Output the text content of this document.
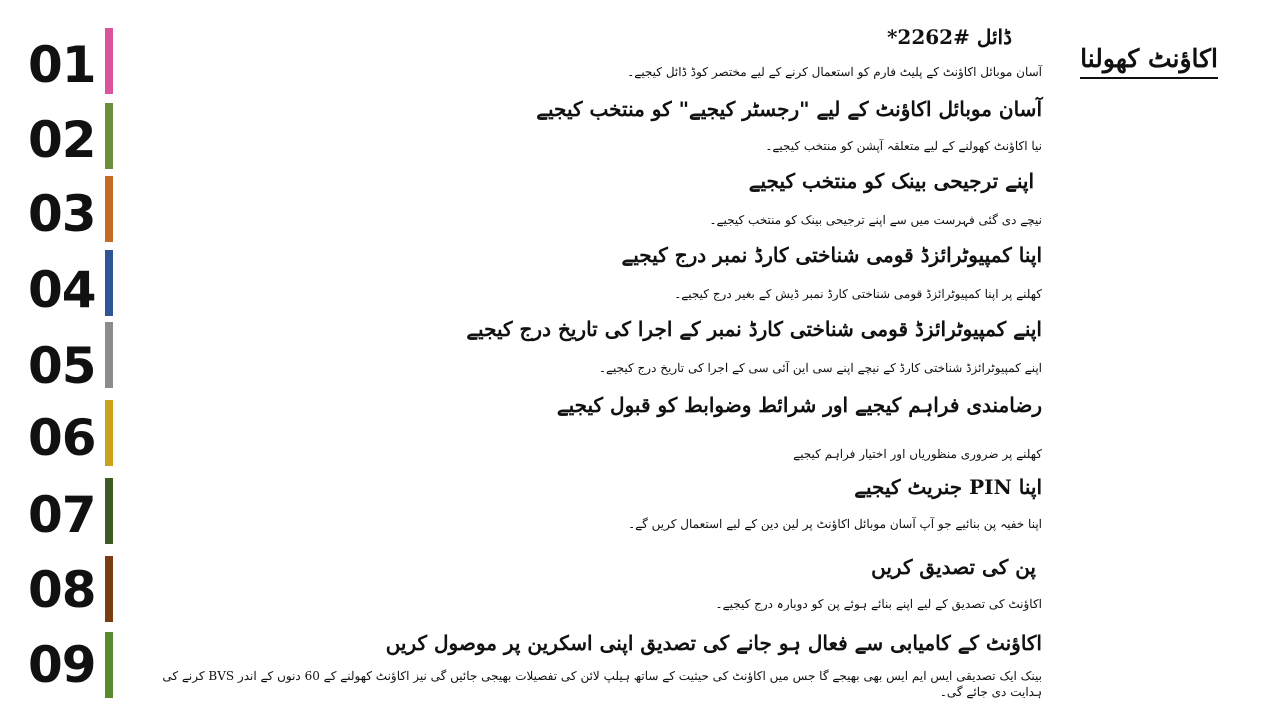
01
02
03
04
05
06
07
08
09
اکاؤنٹ کھولنا
ڈائل #2262*
آسان موبائل اکاؤنٹ کے پلیٹ فارم کو استعمال کرنے کے لیے مختصر کوڈ ڈائل کیجیے۔
آسان موبائل اکاؤنٹ کے لیے "رجسٹر کیجیے" کو منتخب کیجیے
نیا اکاؤنٹ کھولنے کے لیے متعلقہ آپشن کو منتخب کیجیے۔
اپنے ترجیحی بینک کو منتخب کیجیے
نیچے دی گئی فہرست میں سے اپنے ترجیحی بینک کو منتخب کیجیے۔
اپنا کمپیوٹرائزڈ قومی شناختی کارڈ نمبر درج کیجیے
کھلنے پر اپنا کمپیوٹرائزڈ قومی شناختی کارڈ نمبر ڈیش کے بغیر درج کیجیے۔
اپنے کمپیوٹرائزڈ قومی شناختی کارڈ نمبر کے اجرا کی تاریخ درج کیجیے
اپنے کمپیوٹرائزڈ شناختی کارڈ کے نیچے اپنے سی این آئی سی کے اجرا کی تاریخ درج کیجیے۔
رضامندی فراہم کیجیے اور شرائط وضوابط کو قبول کیجیے
کھلنے پر ضروری منظوریاں اور اختیار فراہم کیجیے
اپنا PIN جنریٹ کیجیے
اپنا خفیہ پن بنائیے جو آپ آسان موبائل اکاؤنٹ پر لین دین کے لیے استعمال کریں گے۔
پن کی تصدیق کریں
اکاؤنٹ کی تصدیق کے لیے اپنے بنائے ہوئے پن کو دوبارہ درج کیجیے۔
اکاؤنٹ کے کامیابی سے فعال ہو جانے کی تصدیق اپنی اسکرین پر موصول کریں
بینک ایک تصدیقی ایس ایم ایس بھی بھیجے گا جس میں اکاؤنٹ کی حیثیت کے ساتھ ہیلپ لائن کی تفصیلات بھیجی جائیں گی نیز اکاؤنٹ کھولنے کے 60 دنوں کے اندر BVS کرنے کی ہدایت دی جائے گی۔
